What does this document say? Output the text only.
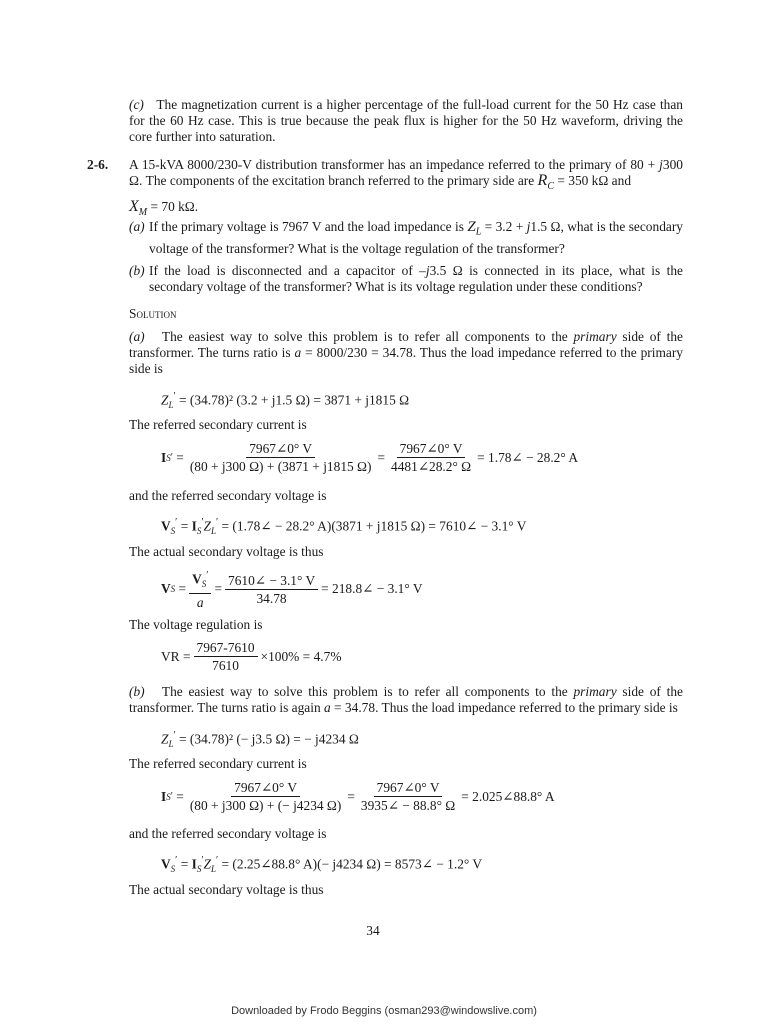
(c) The magnetization current is a higher percentage of the full-load current for the 50 Hz case than for the 60 Hz case. This is true because the peak flux is higher for the 50 Hz waveform, driving the core further into saturation.
2-6. A 15-kVA 8000/230-V distribution transformer has an impedance referred to the primary of 80 + j300 Ω. The components of the excitation branch referred to the primary side are $R_C = 350$ kΩ and
$X_M = 70$ kΩ.
(a) If the primary voltage is 7967 V and the load impedance is $Z_L = 3.2 + j1.5$ Ω, what is the secondary voltage of the transformer? What is the voltage regulation of the transformer?
(b) If the load is disconnected and a capacitor of –j3.5 Ω is connected in its place, what is the secondary voltage of the transformer? What is its voltage regulation under these conditions?
Solution
(a) The easiest way to solve this problem is to refer all components to the primary side of the transformer. The turns ratio is a = 8000/230 = 34.78. Thus the load impedance referred to the primary side is
$Z_L' = (34.78)^2$ (3.2 + j1.5 Ω) = 3871 + j1815 Ω
The referred secondary current is
I S ′ = $\frac{7967\angle 0^\circ V}{(80 + j300 \Omega) + (3871 + j1815 \Omega)} = \frac{7967\angle 0^\circ V}{4481\angle 28.2^\circ \Omega}$ = 1.78∠ − 28.2° A
and the referred secondary voltage is
$V_S' = I_S'Z_L'$ = (1.78∠ − 28.2° A)(3871 + j1815 Ω) = 7610∠ − 3.1° V
The actual secondary voltage is thus
V $S = \frac{V_S'}{a} = \frac{7610\angle - 3.1^\circ V}{34.78}$ = 218.8∠ − 3.1° V
The voltage regulation is
VR = $\frac{7967-7610}{7610} \times 100\% = 4.7\%$
(b) The easiest way to solve this problem is to refer all components to the primary side of the transformer. The turns ratio is again a = 34.78. Thus the load impedance referred to the primary side is
$Z_L' = (34.78)^2$ (− j3.5 Ω) = − j4234 Ω
The referred secondary current is
I S ′ = $\frac{7967\angle 0^\circ V}{(80 + j300 \Omega) + (- j4234 \Omega)} = \frac{7967\angle 0^\circ V}{3935\angle - 88.8^\circ \Omega}$ = 2.025∠88.8° A
and the referred secondary voltage is
$V_S' = I_S'Z_L'$ = (2.25∠88.8° A)(− j4234 Ω) = 8573∠ − 1.2° V
The actual secondary voltage is thus
34
Downloaded by Frodo Beggins (osman293@windowslive.com)
